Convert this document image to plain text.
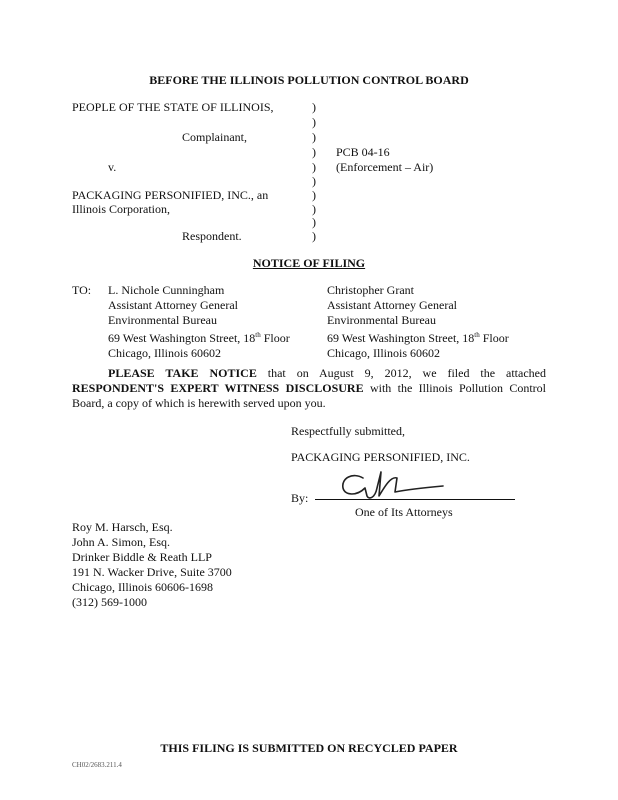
BEFORE THE ILLINOIS POLLUTION CONTROL BOARD
PEOPLE OF THE STATE OF ILLINOIS,
Complainant,
v.
PACKAGING PERSONIFIED, INC., an
Illinois Corporation,
Respondent.
)
)
)
)
)
)
)
)
)
)
PCB 04-16
(Enforcement – Air)
NOTICE OF FILING
TO: L. Nichole Cunningham
Assistant Attorney General
Environmental Bureau
69 West Washington Street, 18th Floor
Chicago, Illinois 60602
Christopher Grant
Assistant Attorney General
Environmental Bureau
69 West Washington Street, 18th Floor
Chicago, Illinois 60602
PLEASE TAKE NOTICE that on August 9, 2012, we filed the attached RESPONDENT'S EXPERT WITNESS DISCLOSURE with the Illinois Pollution Control Board, a copy of which is herewith served upon you.
Respectfully submitted,
PACKAGING PERSONIFIED, INC.
By:
One of Its Attorneys
Roy M. Harsch, Esq.
John A. Simon, Esq.
Drinker Biddle & Reath LLP
191 N. Wacker Drive, Suite 3700
Chicago, Illinois 60606-1698
(312) 569-1000
THIS FILING IS SUBMITTED ON RECYCLED PAPER
CH02/2683.211.4
